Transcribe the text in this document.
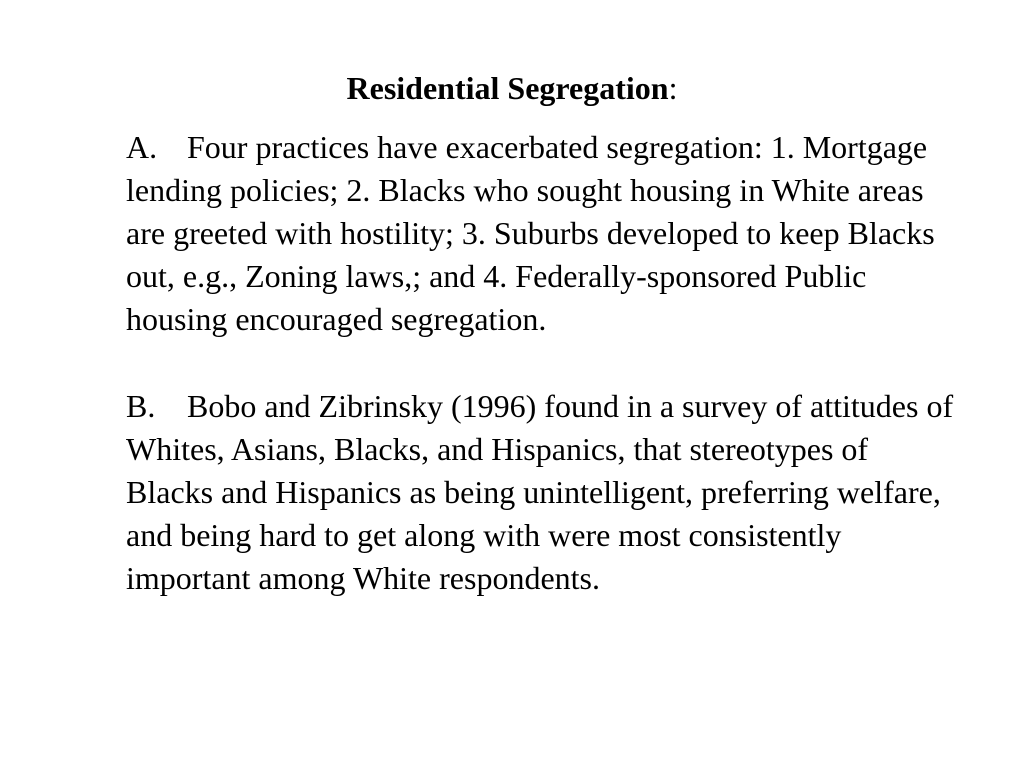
Residential Segregation:

A. Four practices have exacerbated segregation: 1. Mortgage lending policies; 2. Blacks who sought housing in White areas are greeted with hostility; 3. Suburbs developed to keep Blacks out, e.g., Zoning laws,; and 4. Federally-sponsored Public housing encouraged segregation.

B. Bobo and Zibrinsky (1996) found in a survey of attitudes of Whites, Asians, Blacks, and Hispanics, that stereotypes of Blacks and Hispanics as being unintelligent, preferring welfare, and being hard to get along with were most consistently important among White respondents.
